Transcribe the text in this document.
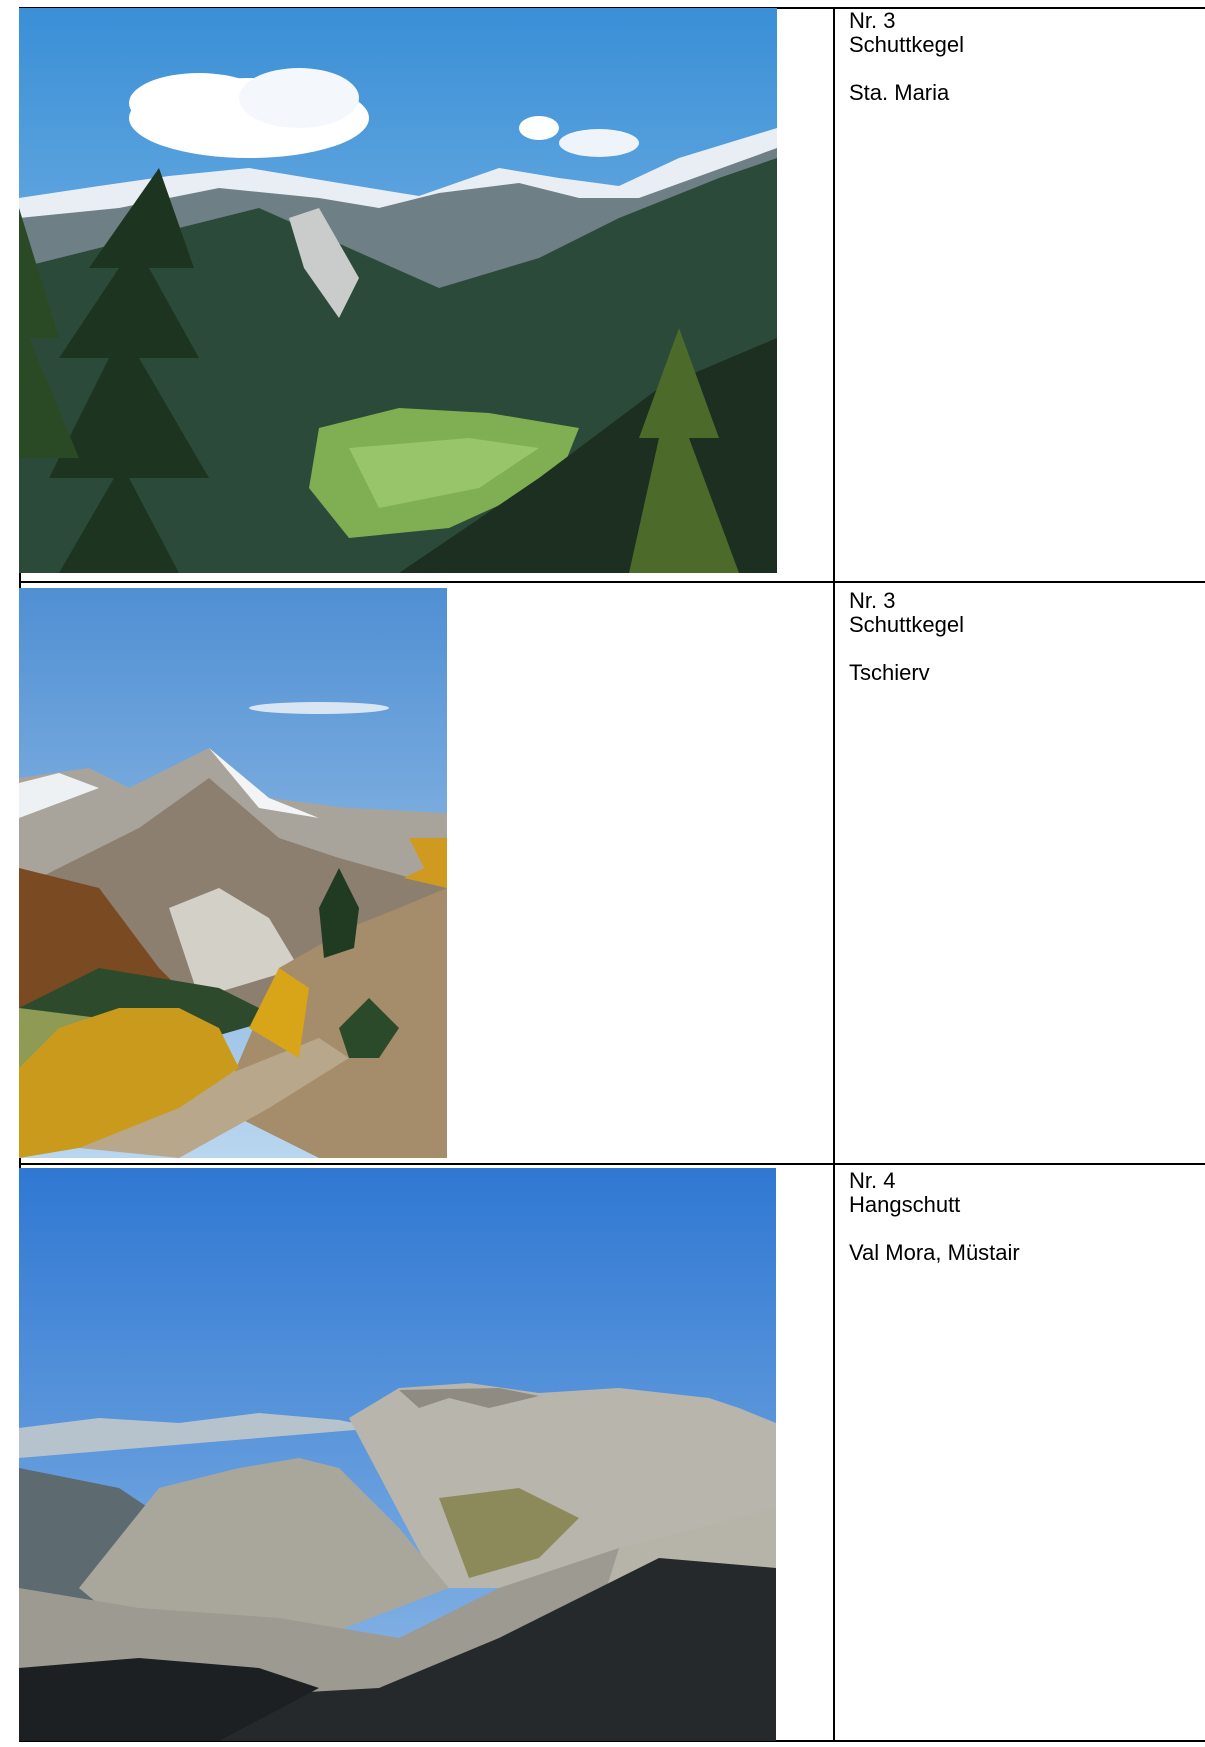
Nr. 3
Schuttkegel
Sta. Maria
Nr. 3
Schuttkegel
Tschierv
Nr. 4
Hangschutt
Val Mora, Müstair
